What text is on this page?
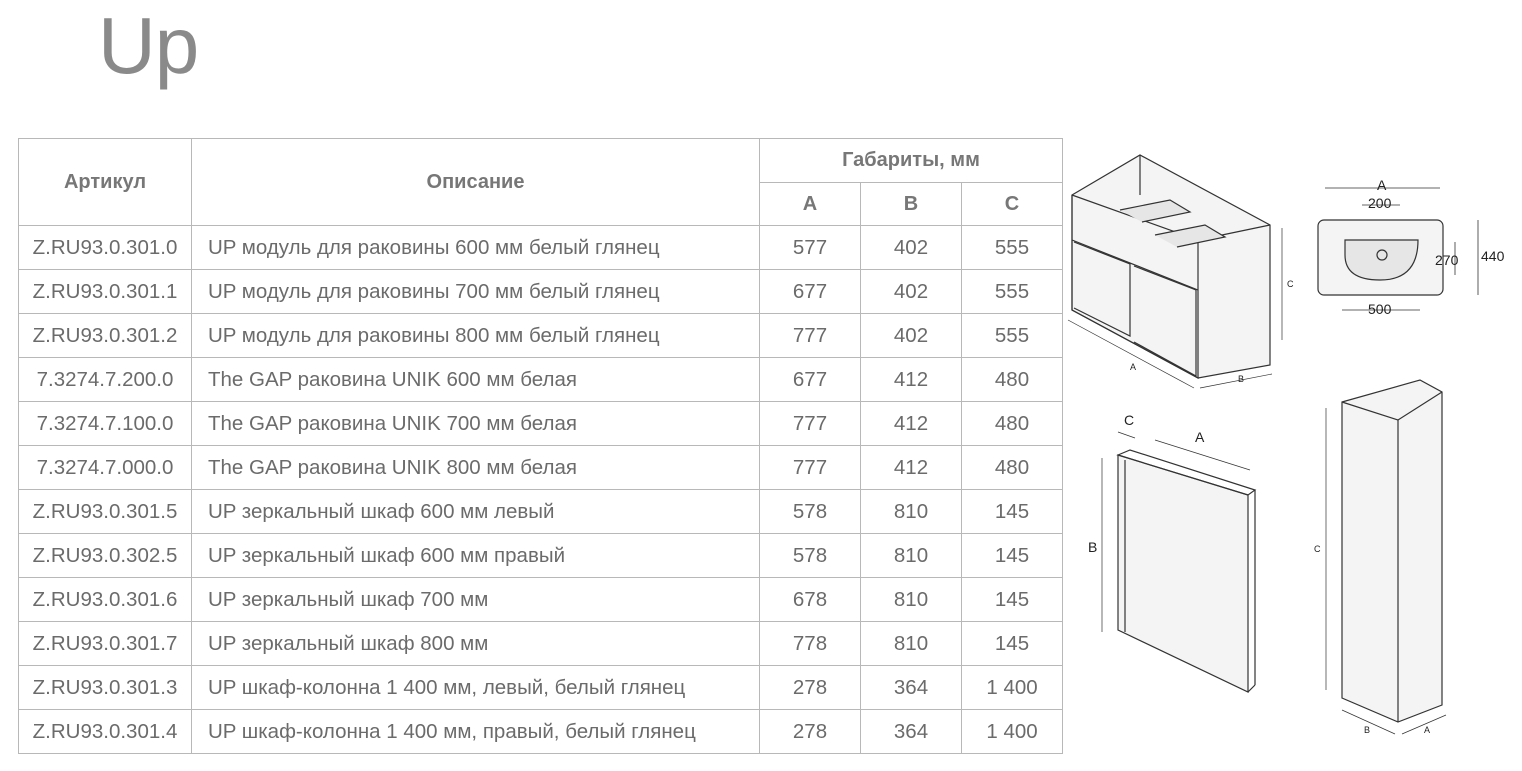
Up
Артикул	Описание	Габариты, мм		
		A	B	C
Z.RU93.0.301.0	UP модуль для раковины 600 мм белый глянец	577	402	555
Z.RU93.0.301.1	UP модуль для раковины 700 мм белый глянец	677	402	555
Z.RU93.0.301.2	UP модуль для раковины 800 мм белый глянец	777	402	555
7.3274.7.200.0	The GAP раковина UNIK 600 мм белая	677	412	480
7.3274.7.100.0	The GAP раковина UNIK 700 мм белая	777	412	480
7.3274.7.000.0	The GAP раковина UNIK 800 мм белая	777	412	480
Z.RU93.0.301.5	UP зеркальный шкаф 600 мм левый	578	810	145
Z.RU93.0.302.5	UP зеркальный шкаф 600 мм правый	578	810	145
Z.RU93.0.301.6	UP зеркальный шкаф 700 мм	678	810	145
Z.RU93.0.301.7	UP зеркальный шкаф 800 мм	778	810	145
Z.RU93.0.301.3	UP шкаф-колонна 1 400 мм, левый, белый глянец	278	364	1 400
Z.RU93.0.301.4	UP шкаф-колонна 1 400 мм, правый, белый глянец	278	364	1 400
A
B
C
C
B	A
A
200
270 440
500
A
B
C
